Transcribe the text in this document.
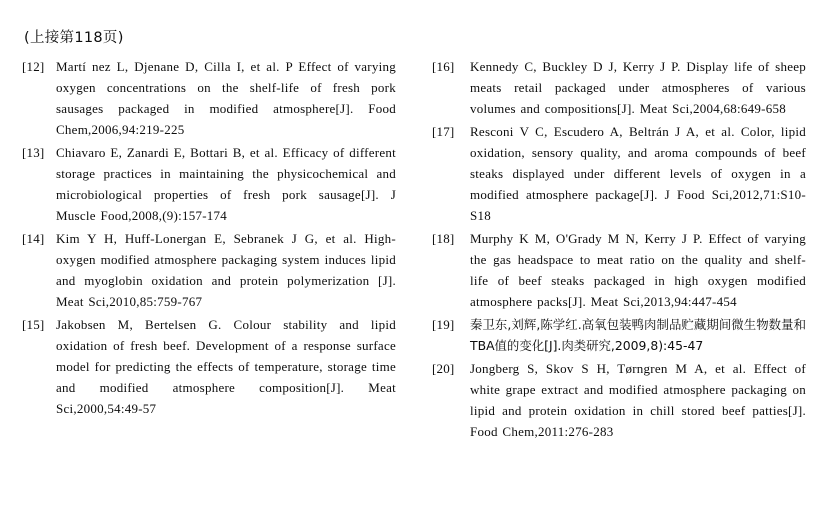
(上接第118页)
[12] Martí nez L, Djenane D, Cilla I, et al. P Effect of varying oxygen concentrations on the shelf-life of fresh pork sausages packaged in modified atmosphere[J]. Food Chem,2006,94:219-225
[13] Chiavaro E, Zanardi E, Bottari B, et al. Efficacy of different storage practices in maintaining the physicochemical and microbiological properties of fresh pork sausage[J]. J Muscle Food,2008,(9):157-174
[14] Kim Y H, Huff-Lonergan E, Sebranek J G, et al. High-oxygen modified atmosphere packaging system induces lipid and myoglobin oxidation and protein polymerization [J]. Meat Sci,2010,85:759-767
[15] Jakobsen M, Bertelsen G. Colour stability and lipid oxidation of fresh beef. Development of a response surface model for predicting the effects of temperature, storage time and modified atmosphere composition[J]. Meat Sci,2000,54:49-57
[16]	Kennedy C, Buckley D J, Kerry J P. Display life of sheep meats retail packaged under atmospheres of various volumes and compositions[J]. Meat Sci,2004,68:649-658
[17]	Resconi V C, Escudero A, Beltrán J A, et al. Color, lipid oxidation, sensory quality, and aroma compounds of beef steaks displayed under different levels of oxygen in a modified atmosphere package[J]. J Food Sci,2012,71:S10-S18
[18]	Murphy K M, O'Grady M N, Kerry J P. Effect of varying the gas headspace to meat ratio on the quality and shelf-life of beef steaks packaged in high oxygen modified atmosphere packs[J]. Meat Sci,2013,94:447-454
[19]	秦卫东,刘辉,陈学红.高氧包装鸭肉制品贮藏期间微生物数量和TBA值的变化[J].肉类研究,2009,8):45-47
[20]	Jongberg S, Skov S H, Tørngren M A, et al. Effect of white grape extract and modified atmosphere packaging on lipid and protein oxidation in chill stored beef patties[J]. Food Chem,2011:276-283
